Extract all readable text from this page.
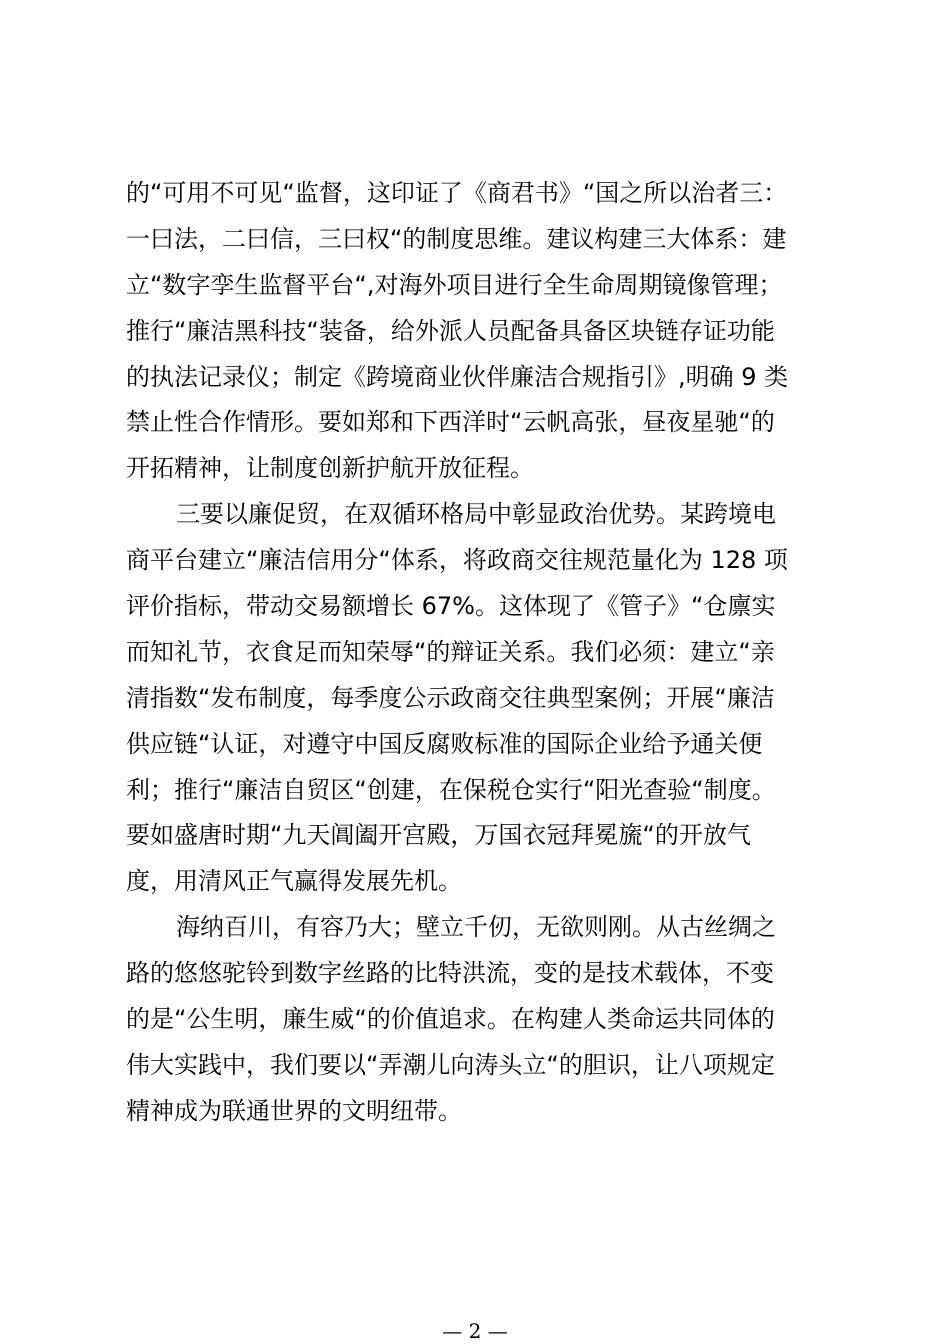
的“可用不可见“监督，这印证了《商君书》“国之所以治者三：
一曰法，二曰信，三曰权“的制度思维。建议构建三大体系：建
立“数字孪生监督平台“,对海外项目进行全生命周期镜像管理；
推行“廉洁黑科技“装备，给外派人员配备具备区块链存证功能
的执法记录仪；制定《跨境商业伙伴廉洁合规指引》,明确 9 类
禁止性合作情形。要如郑和下西洋时“云帆高张，昼夜星驰“的
开拓精神，让制度创新护航开放征程。

三要以廉促贸，在双循环格局中彰显政治优势。某跨境电
商平台建立“廉洁信用分“体系，将政商交往规范量化为 128 项
评价指标，带动交易额增长 67%。这体现了《管子》“仓廪实
而知礼节，衣食足而知荣辱“的辩证关系。我们必须：建立“亲
清指数“发布制度，每季度公示政商交往典型案例；开展“廉洁
供应链“认证，对遵守中国反腐败标准的国际企业给予通关便
利；推行“廉洁自贸区“创建，在保税仓实行“阳光查验“制度。
要如盛唐时期“九天阊阖开宫殿，万国衣冠拜冕旒“的开放气
度，用清风正气赢得发展先机。

海纳百川，有容乃大；壁立千仞，无欲则刚。从古丝绸之
路的悠悠驼铃到数字丝路的比特洪流，变的是技术载体，不变
的是“公生明，廉生威“的价值追求。在构建人类命运共同体的
伟大实践中，我们要以“弄潮儿向涛头立“的胆识，让八项规定
精神成为联通世界的文明纽带。

— 2 —
